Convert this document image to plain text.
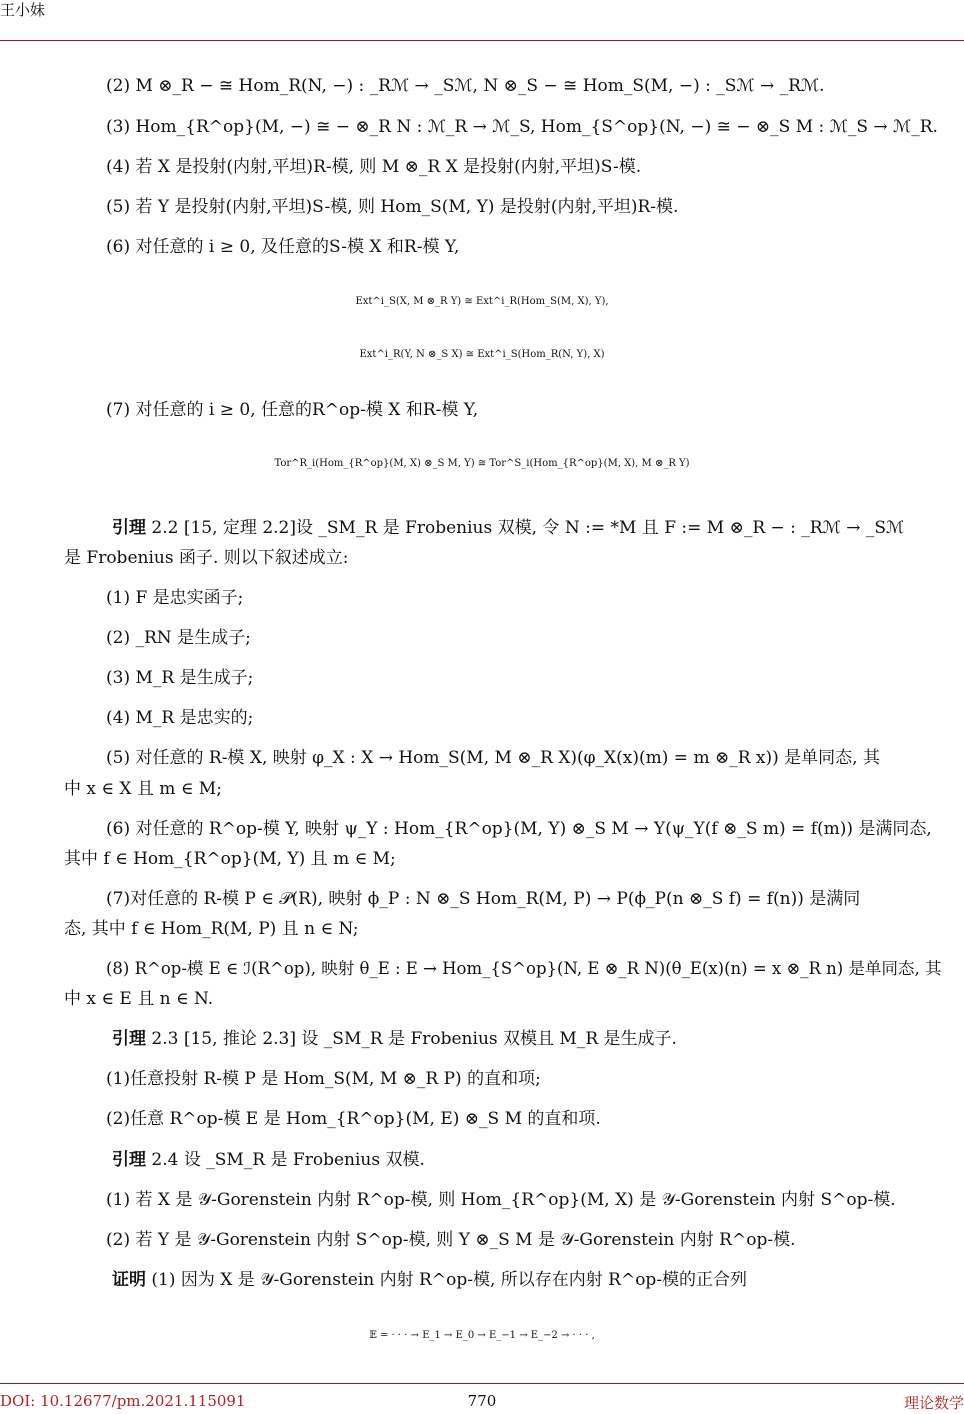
王小妹
(2) M ⊗_R − ≅ Hom_R(N, −) : _Rℳ → _Sℳ, N ⊗_S − ≅ Hom_S(M, −) : _Sℳ → _Rℳ.
(3) Hom_{R^op}(M, −) ≅ − ⊗_R N : ℳ_R → ℳ_S, Hom_{S^op}(N, −) ≅ − ⊗_S M : ℳ_S → ℳ_R.
(4) 若 X 是投射(内射,平坦)R-模, 则 M ⊗_R X 是投射(内射,平坦)S-模.
(5) 若 Y 是投射(内射,平坦)S-模, 则 Hom_S(M, Y) 是投射(内射,平坦)R-模.
(6) 对任意的 i ≥ 0, 及任意的S-模 X 和R-模 Y,
Ext^i_S(X, M ⊗_R Y) ≅ Ext^i_R(Hom_S(M, X), Y),
Ext^i_R(Y, N ⊗_S X) ≅ Ext^i_S(Hom_R(N, Y), X)
(7) 对任意的 i ≥ 0, 任意的R^op-模 X 和R-模 Y,
Tor^R_i(Hom_{R^op}(M, X) ⊗_S M, Y) ≅ Tor^S_i(Hom_{R^op}(M, X), M ⊗_R Y)
引理 2.2 [15, 定理 2.2]设 _SM_R 是 Frobenius 双模, 令 N := *M 且 F := M ⊗_R − : _Rℳ → _Sℳ
是 Frobenius 函子. 则以下叙述成立:
(1) F 是忠实函子;
(2) _RN 是生成子;
(3) M_R 是生成子;
(4) M_R 是忠实的;
(5) 对任意的 R-模 X, 映射 φ_X : X → Hom_S(M, M ⊗_R X)(φ_X(x)(m) = m ⊗_R x)) 是单同态, 其
中 x ∈ X 且 m ∈ M;
(6) 对任意的 R^op-模 Y, 映射 ψ_Y : Hom_{R^op}(M, Y) ⊗_S M → Y(ψ_Y(f ⊗_S m) = f(m)) 是满同态,
其中 f ∈ Hom_{R^op}(M, Y) 且 m ∈ M;
(7)对任意的 R-模 P ∈ 𝒫(R), 映射 ϕ_P : N ⊗_S Hom_R(M, P) → P(ϕ_P(n ⊗_S f) = f(n)) 是满同
态, 其中 f ∈ Hom_R(M, P) 且 n ∈ N;
(8) R^op-模 E ∈ ℐ(R^op), 映射 θ_E : E → Hom_{S^op}(N, E ⊗_R N)(θ_E(x)(n) = x ⊗_R n) 是单同态, 其
中 x ∈ E 且 n ∈ N.
引理 2.3 [15, 推论 2.3] 设 _SM_R 是 Frobenius 双模且 M_R 是生成子.
(1)任意投射 R-模 P 是 Hom_S(M, M ⊗_R P) 的直和项;
(2)任意 R^op-模 E 是 Hom_{R^op}(M, E) ⊗_S M 的直和项.
引理 2.4 设 _SM_R 是 Frobenius 双模.
(1) 若 X 是 𝒴-Gorenstein 内射 R^op-模, 则 Hom_{R^op}(M, X) 是 𝒴-Gorenstein 内射 S^op-模.
(2) 若 Y 是 𝒴-Gorenstein 内射 S^op-模, 则 Y ⊗_S M 是 𝒴-Gorenstein 内射 R^op-模.
证明 (1) 因为 X 是 𝒴-Gorenstein 内射 R^op-模, 所以存在内射 R^op-模的正合列
𝔼 = · · · → E_1 → E_0 → E_−1 → E_−2 → · · · ,
DOI: 10.12677/pm.2021.115091	770	理论数学
